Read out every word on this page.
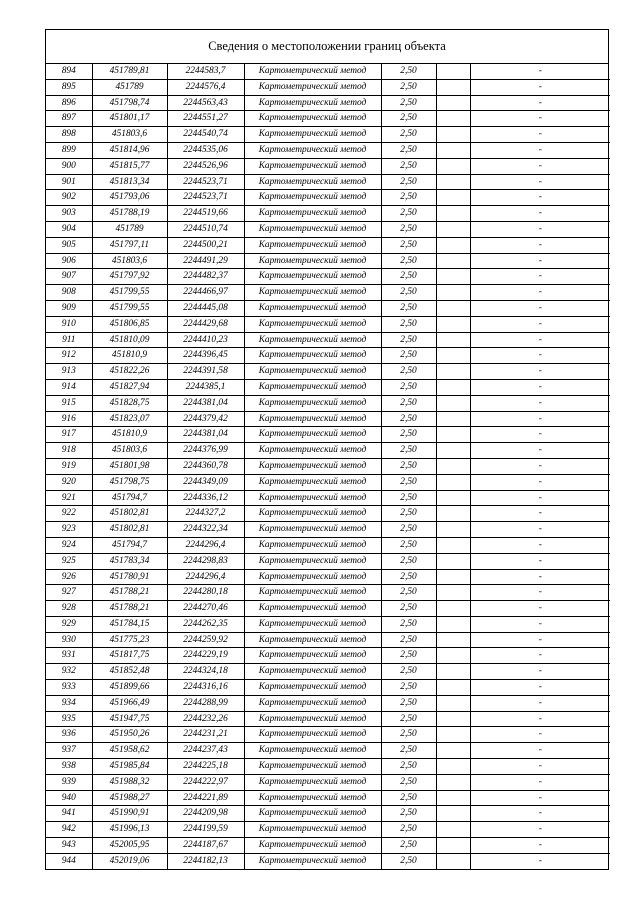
Сведения о местоположении границ объекта
894	451789,81	2244583,7	Картометрический метод	2,50		-
895	451789	2244576,4	Картометрический метод	2,50		-
896	451798,74	2244563,43	Картометрический метод	2,50		-
897	451801,17	2244551,27	Картометрический метод	2,50		-
898	451803,6	2244540,74	Картометрический метод	2,50		-
899	451814,96	2244535,06	Картометрический метод	2,50		-
900	451815,77	2244526,96	Картометрический метод	2,50		-
901	451813,34	2244523,71	Картометрический метод	2,50		-
902	451793,06	2244523,71	Картометрический метод	2,50		-
903	451788,19	2244519,66	Картометрический метод	2,50		-
904	451789	2244510,74	Картометрический метод	2,50		-
905	451797,11	2244500,21	Картометрический метод	2,50		-
906	451803,6	2244491,29	Картометрический метод	2,50		-
907	451797,92	2244482,37	Картометрический метод	2,50		-
908	451799,55	2244466,97	Картометрический метод	2,50		-
909	451799,55	2244445,08	Картометрический метод	2,50		-
910	451806,85	2244429,68	Картометрический метод	2,50		-
911	451810,09	2244410,23	Картометрический метод	2,50		-
912	451810,9	2244396,45	Картометрический метод	2,50		-
913	451822,26	2244391,58	Картометрический метод	2,50		-
914	451827,94	2244385,1	Картометрический метод	2,50		-
915	451828,75	2244381,04	Картометрический метод	2,50		-
916	451823,07	2244379,42	Картометрический метод	2,50		-
917	451810,9	2244381,04	Картометрический метод	2,50		-
918	451803,6	2244376,99	Картометрический метод	2,50		-
919	451801,98	2244360,78	Картометрический метод	2,50		-
920	451798,75	2244349,09	Картометрический метод	2,50		-
921	451794,7	2244336,12	Картометрический метод	2,50		-
922	451802,81	2244327,2	Картометрический метод	2,50		-
923	451802,81	2244322,34	Картометрический метод	2,50		-
924	451794,7	2244296,4	Картометрический метод	2,50		-
925	451783,34	2244298,83	Картометрический метод	2,50		-
926	451780,91	2244296,4	Картометрический метод	2,50		-
927	451788,21	2244280,18	Картометрический метод	2,50		-
928	451788,21	2244270,46	Картометрический метод	2,50		-
929	451784,15	2244262,35	Картометрический метод	2,50		-
930	451775,23	2244259,92	Картометрический метод	2,50		-
931	451817,75	2244229,19	Картометрический метод	2,50		-
932	451852,48	2244324,18	Картометрический метод	2,50		-
933	451899,66	2244316,16	Картометрический метод	2,50		-
934	451966,49	2244288,99	Картометрический метод	2,50		-
935	451947,75	2244232,26	Картометрический метод	2,50		-
936	451950,26	2244231,21	Картометрический метод	2,50		-
937	451958,62	2244237,43	Картометрический метод	2,50		-
938	451985,84	2244225,18	Картометрический метод	2,50		-
939	451988,32	2244222,97	Картометрический метод	2,50		-
940	451988,27	2244221,89	Картометрический метод	2,50		-
941	451990,91	2244209,98	Картометрический метод	2,50		-
942	451996,13	2244199,59	Картометрический метод	2,50		-
943	452005,95	2244187,67	Картометрический метод	2,50		-
944	452019,06	2244182,13	Картометрический метод	2,50		-
